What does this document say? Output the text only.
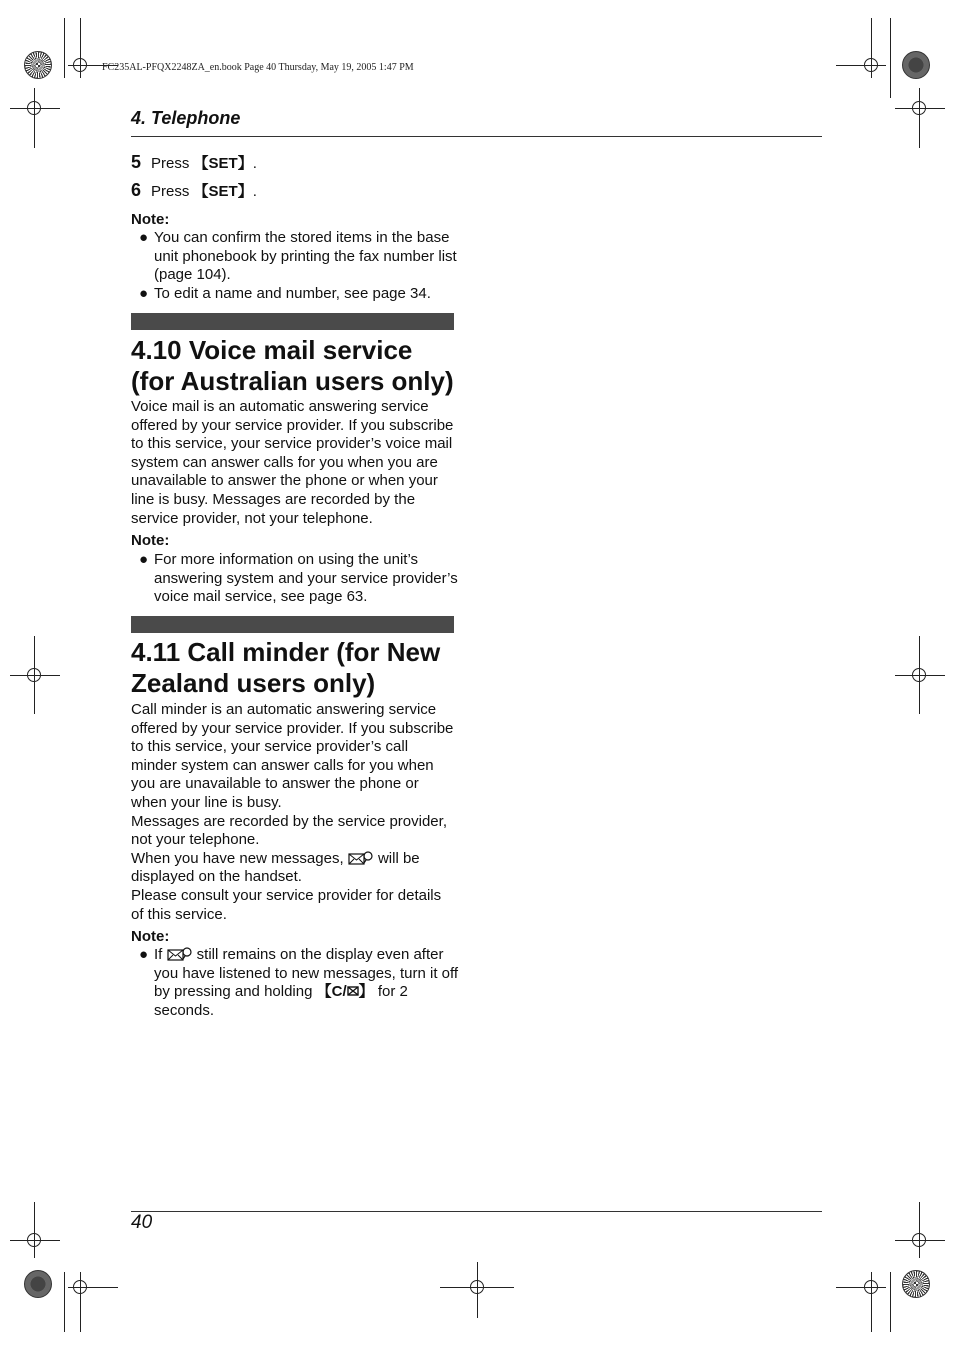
FC235AL-PFQX2248ZA_en.book Page 40 Thursday, May 19, 2005 1:47 PM
4. Telephone
5 Press 【SET】.
6 Press 【SET】.
Note:
● You can confirm the stored items in the base unit phonebook by printing the fax number list (page 104).
● To edit a name and number, see page 34.
4.10 Voice mail service (for Australian users only)
Voice mail is an automatic answering service offered by your service provider. If you subscribe to this service, your service provider’s voice mail system can answer calls for you when you are unavailable to answer the phone or when your line is busy. Messages are recorded by the service provider, not your telephone.
Note:
● For more information on using the unit’s answering system and your service provider’s voice mail service, see page 63.
4.11 Call minder (for New Zealand users only)

Call minder is an automatic answering service offered by your service provider. If you subscribe to this service, your service provider’s call minder system can answer calls for you when you are unavailable to answer the phone or when your line is busy.

Messages are recorded by the service provider, not your telephone.

When you have new messages,  will be displayed on the handset.

Please consult your service provider for details of this service.

Note:
● If  still remains on the display even after you have listened to new messages, turn it off by pressing and holding 【C/ 】 for 2 seconds.
40
